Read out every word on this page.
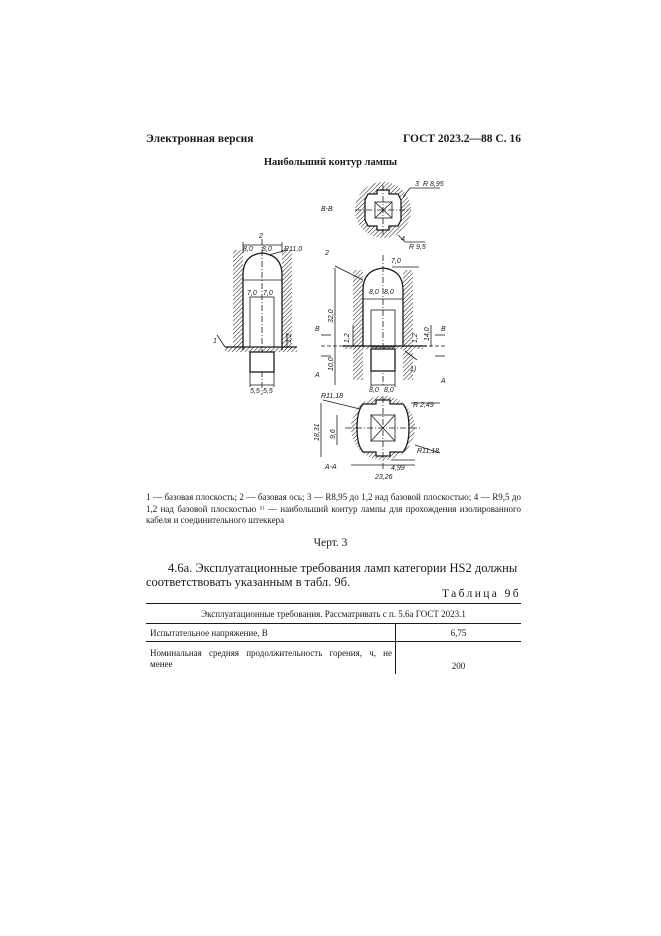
Электронная версия	ГОСТ 2023.2—88 С. 16
Наибольший контур лампы
В-В
3 R 8,95
4
R 9,5
2
8,0 8,0 R11,0
7,0 7,0
1	1,2
5,5 5,5
2
7,0
8,0 8,0
32,0
В
1,2
10,0
А
1,2 14,0 В
А
1)
8,0 8,0
R11,18
R 2,49
18,31 9,6
R11,18
А-А	4,99
23,26
1 — базовая плоскость; 2 — базовая ось; 3 — R8,95 до 1,2 над базовой плоскостью; 4 — R9,5 до 1,2 над базовой плоскостью ¹⁾ — наибольший контур лампы для прохождения изолированного кабеля и соединительного штеккера
Черт. 3
4.6а. Эксплуатационные требования ламп категории HS2 должны соответствовать указанным в табл. 9б.
Таблица 9б
Эксплуатационные требования. Рассматривать с п. 5.6а ГОСТ 2023.1	
Испытательное напряжение, В	6,75
Номинальная средняя продолжительность горения, ч, не менее	200
